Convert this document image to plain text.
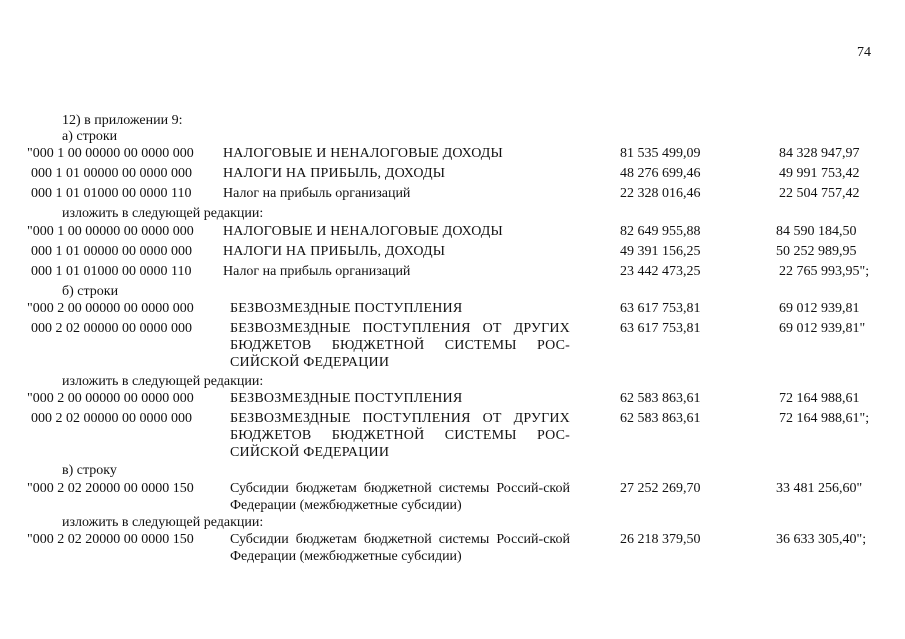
74
12) в приложении 9:
а) строки
"000 1 00 00000 00 0000 000 НАЛОГОВЫЕ И НЕНАЛОГОВЫЕ ДОХОДЫ	81 535 499,09	84 328 947,97
000 1 01 00000 00 0000 000 НАЛОГИ НА ПРИБЫЛЬ, ДОХОДЫ	48 276 699,46	49 991 753,42
000 1 01 01000 00 0000 110 Налог на прибыль организаций	22 328 016,46	22 504 757,42
изложить в следующей редакции:
"000 1 00 00000 00 0000 000 НАЛОГОВЫЕ И НЕНАЛОГОВЫЕ ДОХОДЫ	82 649 955,88	84 590 184,50
000 1 01 00000 00 0000 000 НАЛОГИ НА ПРИБЫЛЬ, ДОХОДЫ	49 391 156,25	50 252 989,95
000 1 01 01000 00 0000 110 Налог на прибыль организаций	23 442 473,25	22 765 993,95";
б) строки
"000 2 00 00000 00 0000 000	БЕЗВОЗМЕЗДНЫЕ ПОСТУПЛЕНИЯ	63 617 753,81	69 012 939,81
000 2 02 00000 00 0000 000	БЕЗВОЗМЕЗДНЫЕ ПОСТУПЛЕНИЯ ОТ ДРУГИХ БЮДЖЕТОВ БЮДЖЕТНОЙ СИСТЕМЫ РОС-СИЙСКОЙ ФЕДЕРАЦИИ
63 617 753,81	69 012 939,81"
изложить в следующей редакции:
"000 2 00 00000 00 0000 000	БЕЗВОЗМЕЗДНЫЕ ПОСТУПЛЕНИЯ	62 583 863,61	72 164 988,61
000 2 02 00000 00 0000 000	БЕЗВОЗМЕЗДНЫЕ ПОСТУПЛЕНИЯ ОТ ДРУГИХ БЮДЖЕТОВ БЮДЖЕТНОЙ СИСТЕМЫ РОС-СИЙСКОЙ ФЕДЕРАЦИИ
62 583 863,61	72 164 988,61";
в) строку
"000 2 02 20000 00 0000 150	Субсидии бюджетам бюджетной системы Россий-ской Федерации (межбюджетные субсидии)
27 252 269,70	33 481 256,60"
изложить в следующей редакции:
"000 2 02 20000 00 0000 150	Субсидии бюджетам бюджетной системы Россий-ской Федерации (межбюджетные субсидии)
26 218 379,50	36 633 305,40";
